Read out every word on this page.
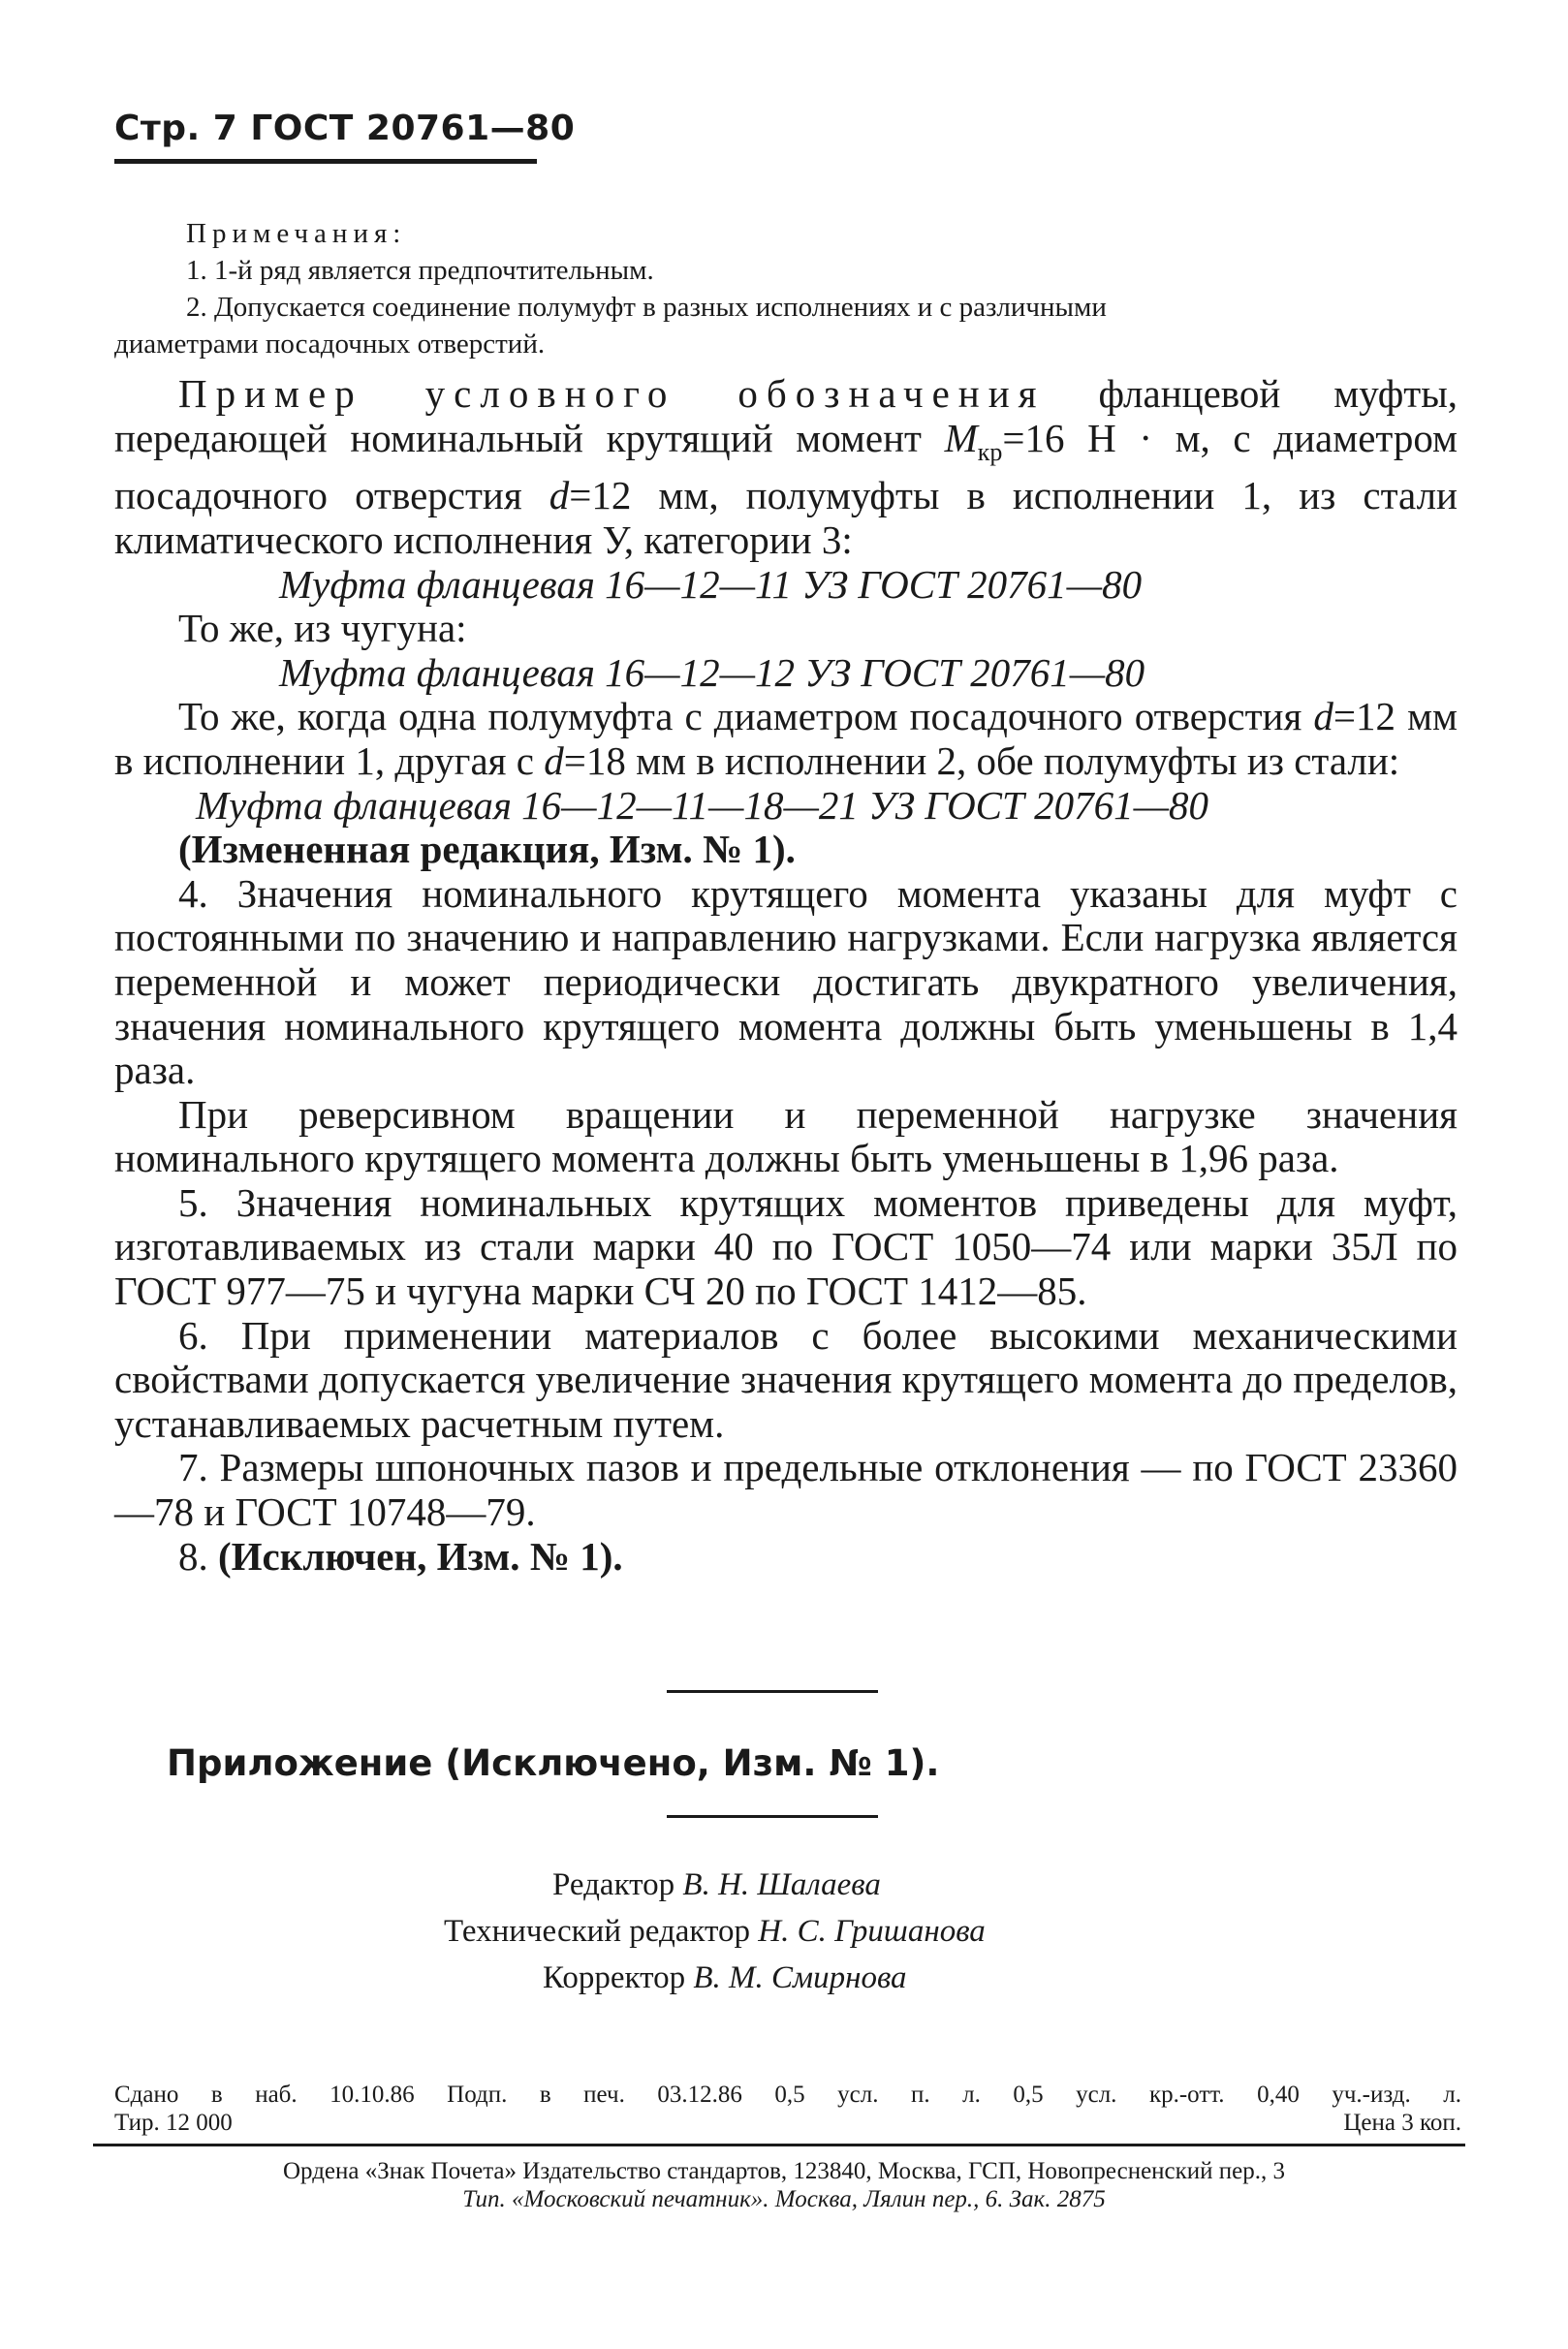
Стр. 7 ГОСТ 20761—80
Примечания:
1. 1-й ряд является предпочтительным.
2. Допускается соединение полумуфт в разных исполнениях и с различными
диаметрами посадочных отверстий.

Пример условного обозначения фланцевой муфты, передающей номинальный крутящий момент $M_{кр}=16$ Н · м, с диаметром посадочного отверстия d=12 мм, полумуфты в исполнении 1, из стали климатического исполнения У, категории 3:

Муфта фланцевая 16—12—11 УЗ ГОСТ 20761—80
То же, из чугуна:
Муфта фланцевая 16—12—12 УЗ ГОСТ 20761—80

То же, когда одна полумуфта с диаметром посадочного отверстия d=12 мм в исполнении 1, другая с d=18 мм в исполнении 2, обе полумуфты из стали:

Муфта фланцевая 16—12—11—18—21 УЗ ГОСТ 20761—80
(Измененная редакция, Изм. № 1).

4. Значения номинального крутящего момента указаны для муфт с постоянными по значению и направлению нагрузками. Если нагрузка является переменной и может периодически достигать двукратного увеличения, значения номинального крутящего момента должны быть уменьшены в 1,4 раза.

При реверсивном вращении и переменной нагрузке значения номинального крутящего момента должны быть уменьшены в 1,96 раза.

5. Значения номинальных крутящих моментов приведены для муфт, изготавливаемых из стали марки 40 по ГОСТ 1050—74 или марки 35Л по ГОСТ 977—75 и чугуна марки СЧ 20 по ГОСТ 1412—85.

6. При применении материалов с более высокими механическими свойствами допускается увеличение значения крутящего момента до пределов, устанавливаемых расчетным путем.

7. Размеры шпоночных пазов и предельные отклонения — по ГОСТ 23360—78 и ГОСТ 10748—79.

8. (Исключен, Изм. № 1).

Приложение (Исключено, Изм. № 1).
Редактор В. Н. Шалаева
Технический редактор Н. С. Гришанова
Корректор В. М. Смирнова
Сдано в наб. 10.10.86 Подп. в печ. 03.12.86 0,5 усл. п. л. 0,5 усл. кр.-отт. 0,40 уч.-изд. л.
Тир. 12 000	Цена 3 коп.
Ордена «Знак Почета» Издательство стандартов, 123840, Москва, ГСП, Новопресненский пер., 3
Тип. «Московский печатник». Москва, Лялин пер., 6. Зак. 2875
